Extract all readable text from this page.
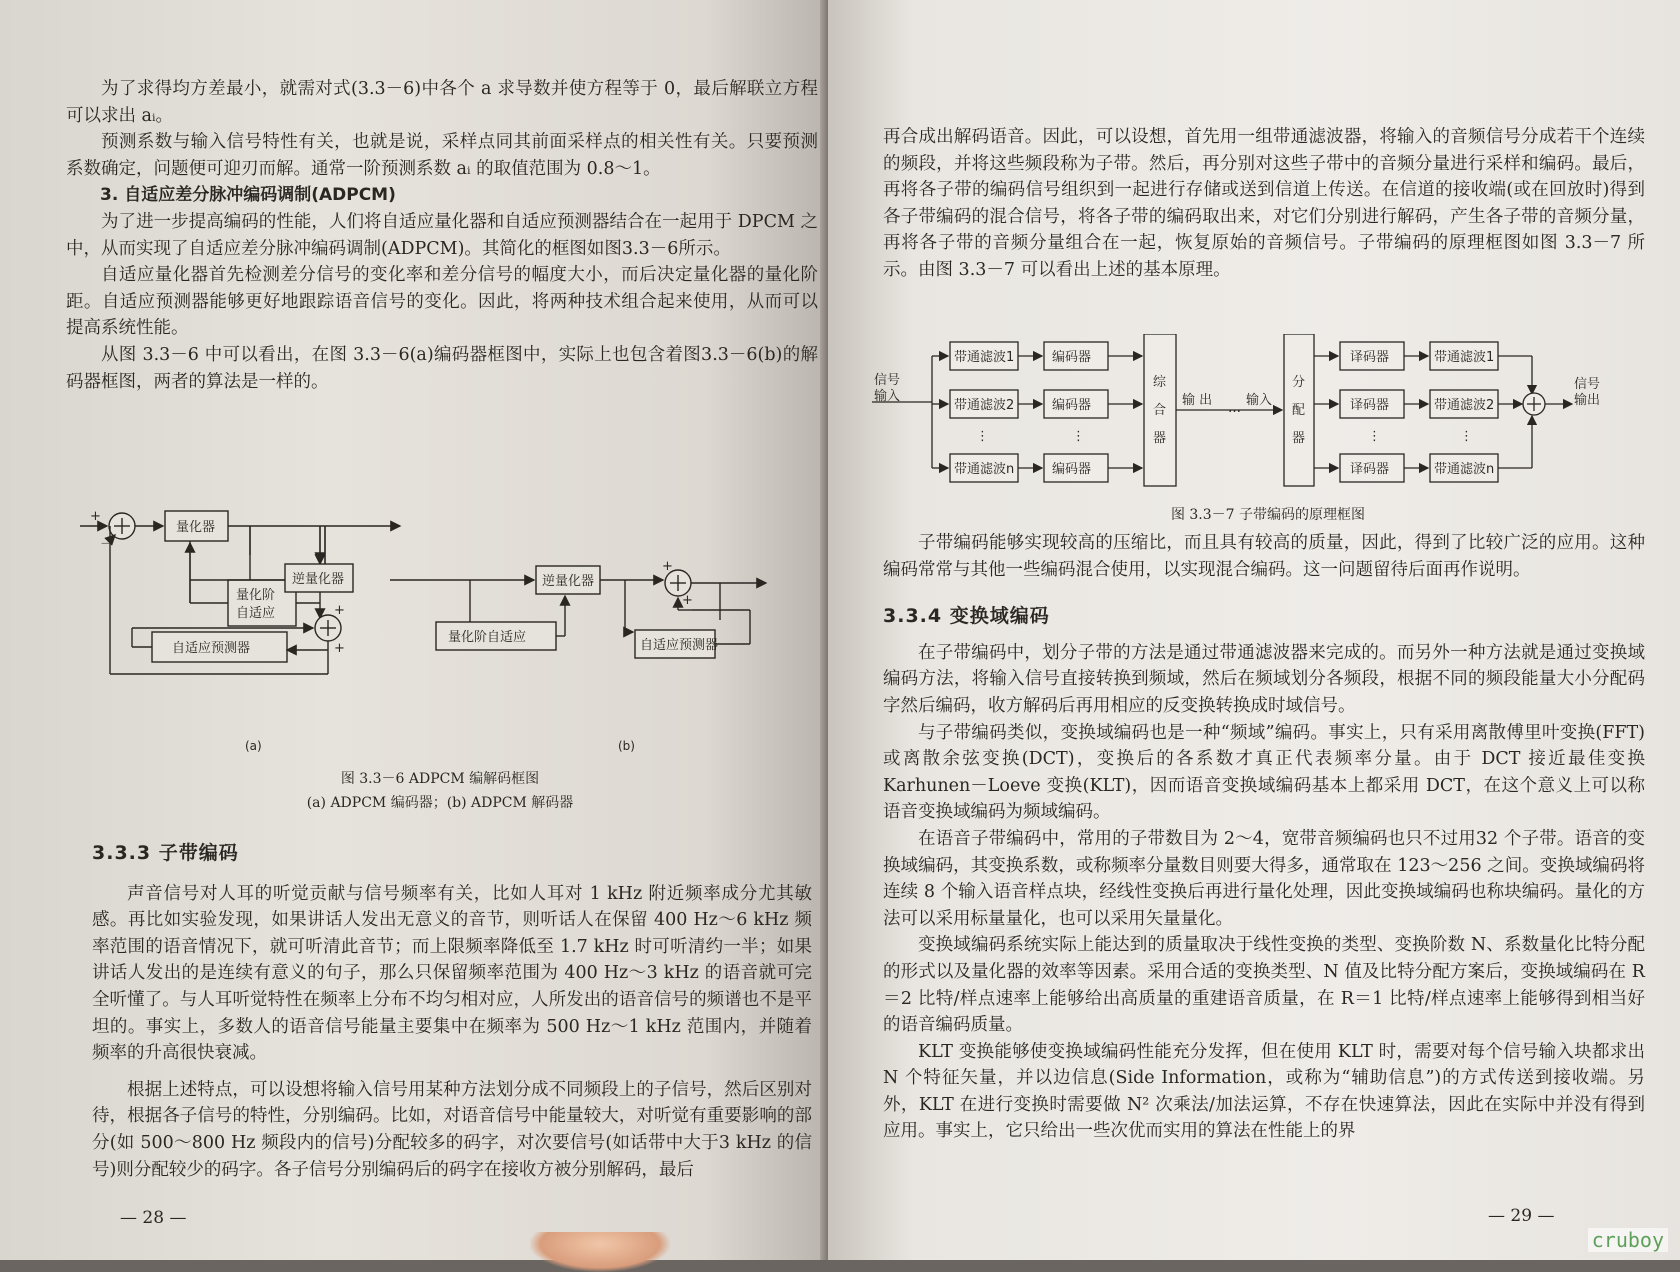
为了求得均方差最小，就需对式(3.3－6)中各个 a 求导数并使方程等于 0，最后解联立方程可以求出 aᵢ。

预测系数与输入信号特性有关，也就是说，采样点同其前面采样点的相关性有关。只要预测系数确定，问题便可迎刃而解。通常一阶预测系数 aᵢ 的取值范围为 0.8～1。

3. 自适应差分脉冲编码调制(ADPCM)

为了进一步提高编码的性能，人们将自适应量化器和自适应预测器结合在一起用于 DPCM 之中，从而实现了自适应差分脉冲编码调制(ADPCM)。其简化的框图如图3.3－6所示。

自适应量化器首先检测差分信号的变化率和差分信号的幅度大小，而后决定量化器的量化阶距。自适应预测器能够更好地跟踪语音信号的变化。因此，将两种技术组合起来使用，从而可以提高系统性能。

从图 3.3－6 中可以看出，在图 3.3－6(a)编码器框图中，实际上也包含着图3.3－6(b)的解码器框图，两者的算法是一样的。

量化器
量化阶
自适应
逆量化器
自适应预测器
逆量化器
量化阶自适应
自适应预测器
+
－
+
+
+
+
(a)	(b)
图 3.3－6 ADPCM 编解码框图
(a) ADPCM 编码器；(b) ADPCM 解码器

3.3.3 子带编码

声音信号对人耳的听觉贡献与信号频率有关，比如人耳对 1 kHz 附近频率成分尤其敏感。再比如实验发现，如果讲话人发出无意义的音节，则听话人在保留 400 Hz～6 kHz 频率范围的语音情况下，就可听清此音节；而上限频率降低至 1.7 kHz 时可听清约一半；如果讲话人发出的是连续有意义的句子，那么只保留频率范围为 400 Hz～3 kHz 的语音就可完全听懂了。与人耳听觉特性在频率上分布不均匀相对应，人所发出的语音信号的频谱也不是平坦的。事实上，多数人的语音信号能量主要集中在频率为 500 Hz～1 kHz 范围内，并随着频率的升高很快衰减。

根据上述特点，可以设想将输入信号用某种方法划分成不同频段上的子信号，然后区别对待，根据各子信号的特性，分别编码。比如，对语音信号中能量较大，对听觉有重要影响的部分(如 500～800 Hz 频段内的信号)分配较多的码字，对次要信号(如话带中大于3 kHz 的信号)则分配较少的码字。各子信号分别编码后的码字在接收方被分别解码，最后

— 28 —

再合成出解码语音。因此，可以设想，首先用一组带通滤波器，将输入的音频信号分成若干个连续的频段，并将这些频段称为子带。然后，再分别对这些子带中的音频分量进行采样和编码。最后，再将各子带的编码信号组织到一起进行存储或送到信道上传送。在信道的接收端(或在回放时)得到各子带编码的混合信号，将各子带的编码取出来，对它们分别进行解码，产生各子带的音频分量，再将各子带的音频分量组合在一起，恢复原始的音频信号。子带编码的原理框图如图 3.3－7 所示。由图 3.3－7 可以看出上述的基本原理。

信号
输入
信号
输出
带通滤波1
带通滤波2
带通滤波n
⋮
编码器
编码器
编码器
⋮
综
合
器
输 出
…
输入
分
配
器
译码器
译码器
译码器
⋮
带通滤波1
带通滤波2
带通滤波n
⋮
图 3.3－7 子带编码的原理框图

子带编码能够实现较高的压缩比，而且具有较高的质量，因此，得到了比较广泛的应用。这种编码常常与其他一些编码混合使用，以实现混合编码。这一问题留待后面再作说明。

3.3.4 变换域编码

在子带编码中，划分子带的方法是通过带通滤波器来完成的。而另外一种方法就是通过变换域编码方法，将输入信号直接转换到频域，然后在频域划分各频段，根据不同的频段能量大小分配码字然后编码，收方解码后再用相应的反变换转换成时域信号。

与子带编码类似，变换域编码也是一种“频域”编码。事实上，只有采用离散傅里叶变换(FFT)或离散余弦变换(DCT)，变换后的各系数才真正代表频率分量。由于 DCT 接近最佳变换 Karhunen－Loeve 变换(KLT)，因而语音变换域编码基本上都采用 DCT，在这个意义上可以称语音变换域编码为频域编码。

在语音子带编码中，常用的子带数目为 2～4，宽带音频编码也只不过用32 个子带。语音的变换域编码，其变换系数，或称频率分量数目则要大得多，通常取在 123～256 之间。变换域编码将连续 8 个输入语音样点块，经线性变换后再进行量化处理，因此变换域编码也称块编码。量化的方法可以采用标量量化，也可以采用矢量量化。

变换域编码系统实际上能达到的质量取决于线性变换的类型、变换阶数 N、系数量化比特分配的形式以及量化器的效率等因素。采用合适的变换类型、N 值及比特分配方案后，变换域编码在 R＝2 比特/样点速率上能够给出高质量的重建语音质量，在 R＝1 比特/样点速率上能够得到相当好的语音编码质量。

KLT 变换能够使变换域编码性能充分发挥，但在使用 KLT 时，需要对每个信号输入块都求出 N 个特征矢量，并以边信息(Side Information，或称为“辅助信息”)的方式传送到接收端。另外，KLT 在进行变换时需要做 N² 次乘法/加法运算，不存在快速算法，因此在实际中并没有得到应用。事实上，它只给出一些次优而实用的算法在性能上的界

— 29 —
cruboy
